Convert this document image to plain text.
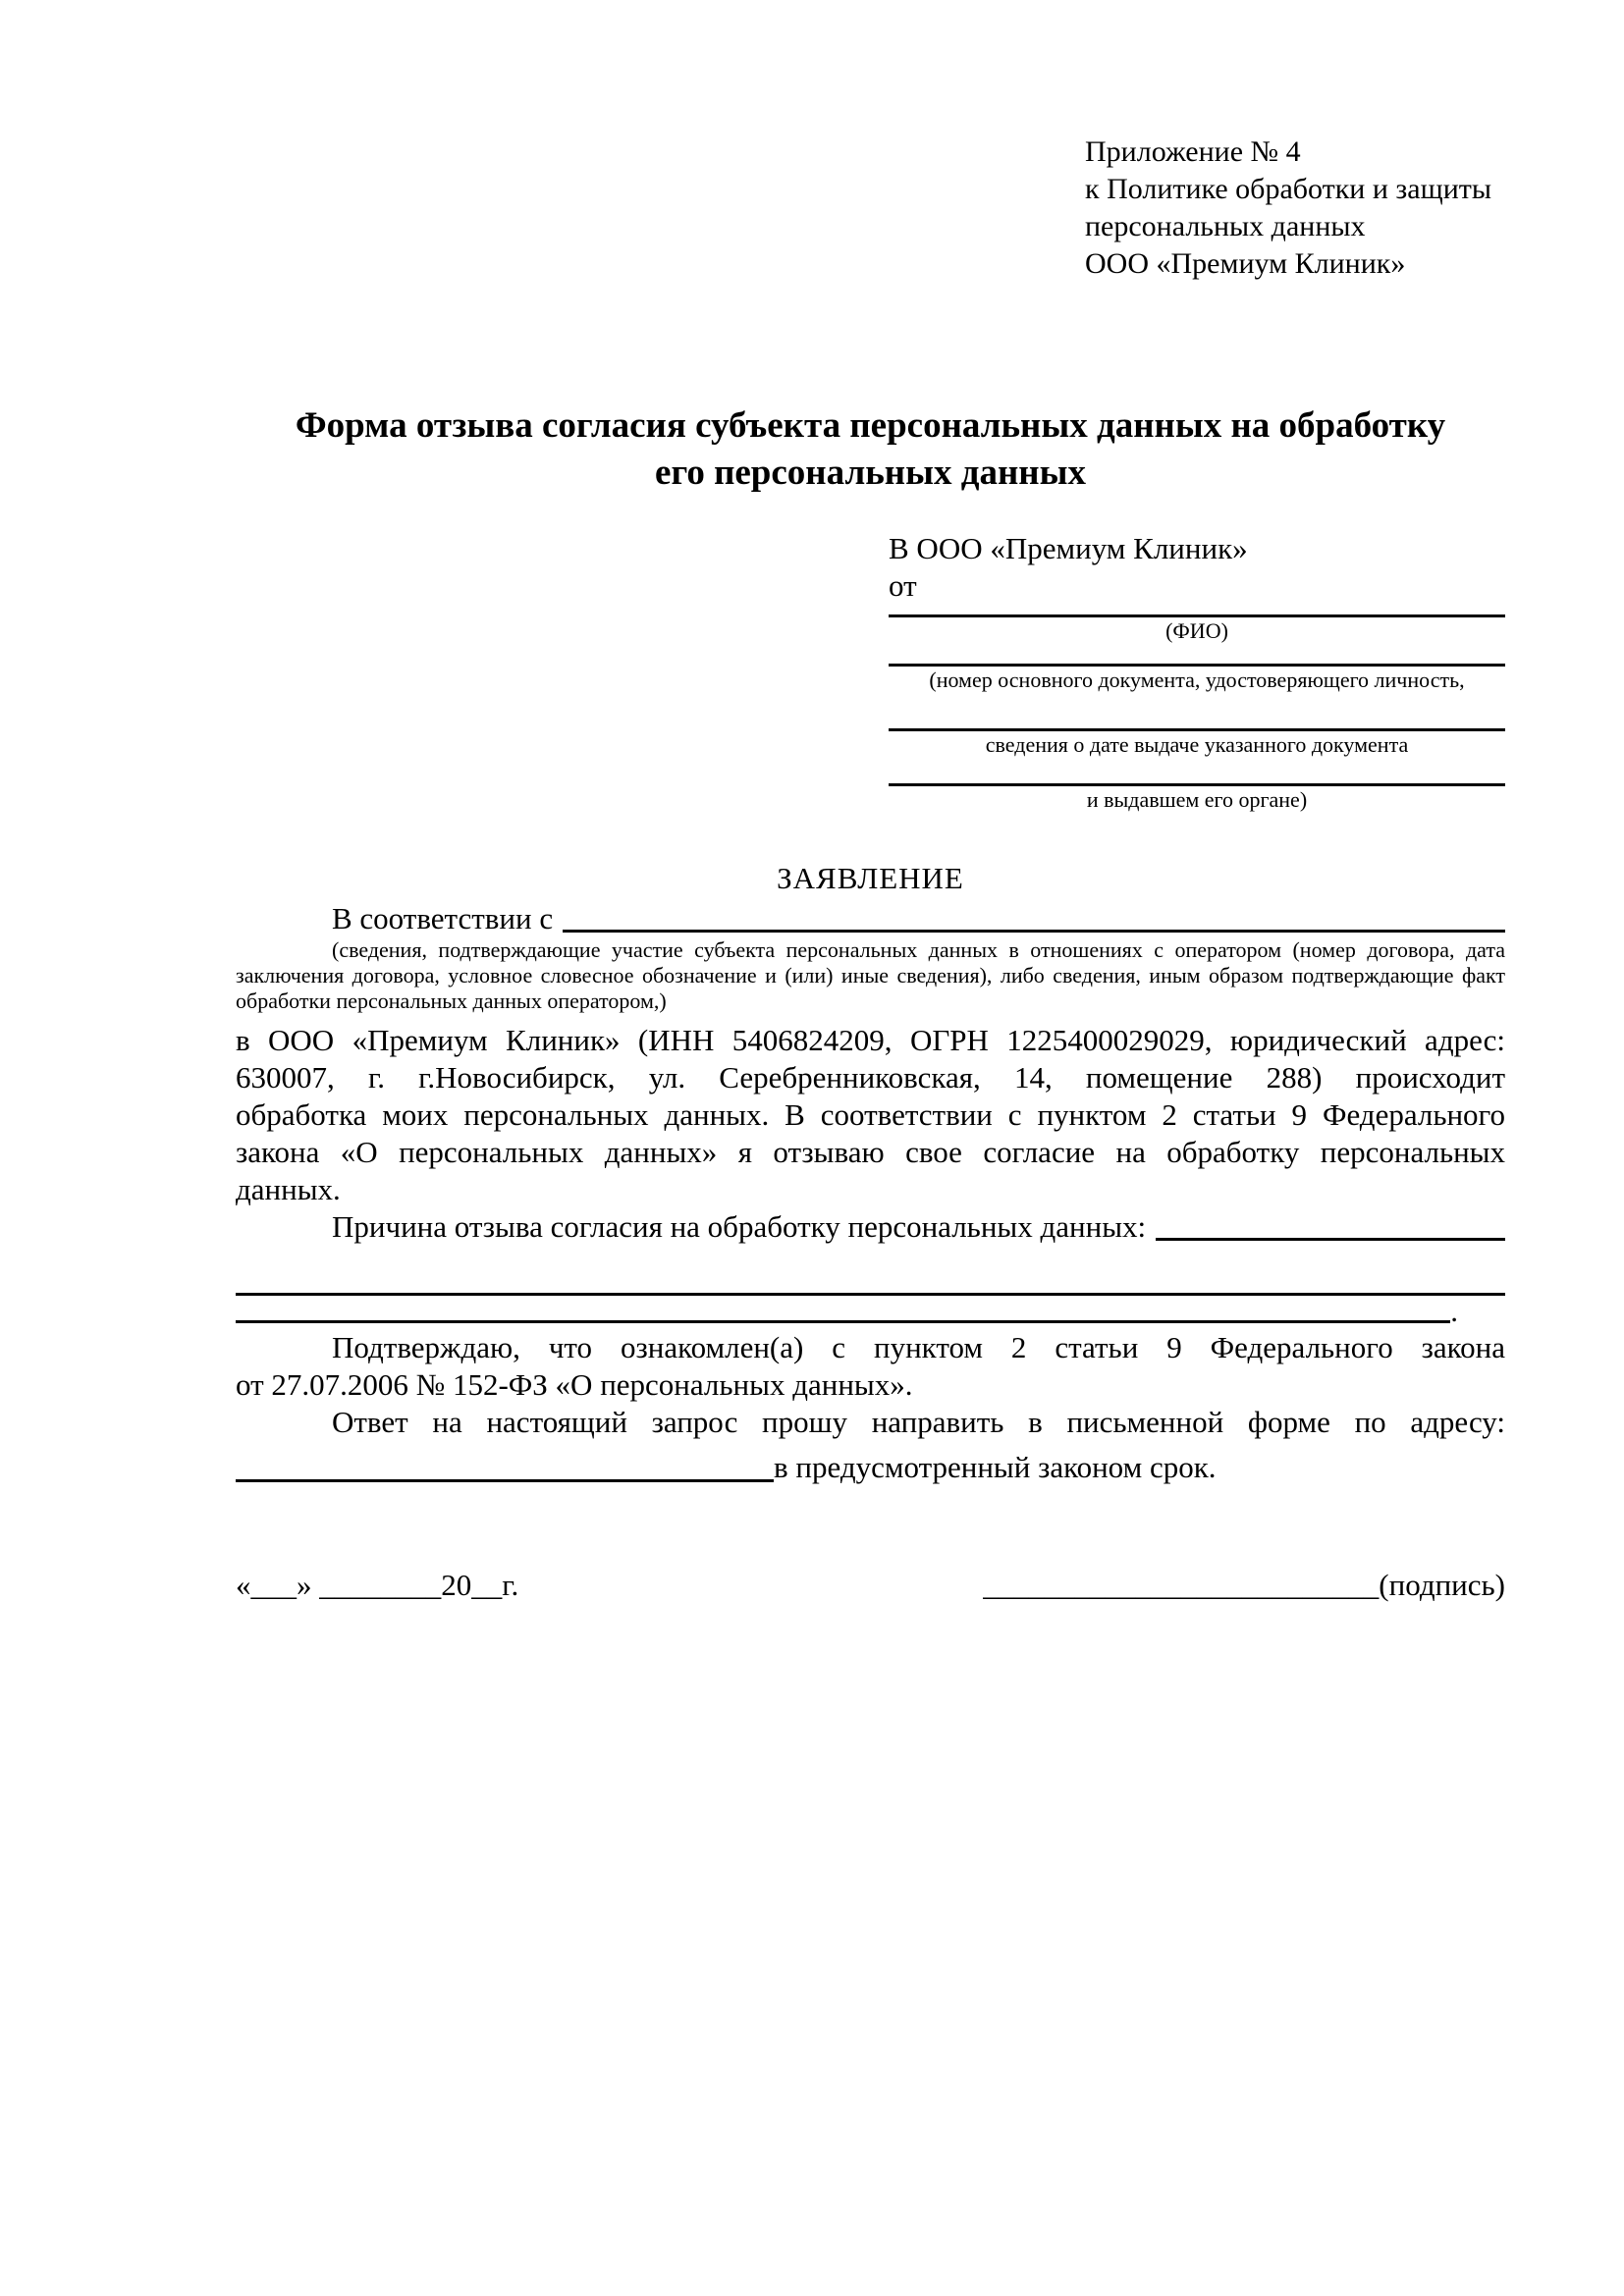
Приложение № 4
к Политике обработки и защиты
персональных данных
ООО «Премиум Клиник»
Форма отзыва согласия субъекта персональных данных на обработку
его персональных данных
В ООО «Премиум Клиник»
от
(ФИО)
(номер основного документа, удостоверяющего личность,
сведения о дате выдаче указанного документа
и выдавшем его органе)
ЗАЯВЛЕНИЕ
В соответствии с
(сведения, подтверждающие участие субъекта персональных данных в отношениях с оператором (номер договора, дата
заключения договора, условное словесное обозначение и (или) иные сведения), либо сведения, иным образом подтверждающие факт
обработки персональных данных оператором,)
в ООО «Премиум Клиник» (ИНН 5406824209, ОГРН 1225400029029, юридический адрес:
630007, г. г.Новосибирск, ул. Серебренниковская, 14, помещение 288) происходит
обработка моих персональных данных. В соответствии с пунктом 2 статьи 9 Федерального
закона «О персональных данных» я отзываю свое согласие на обработку персональных
данных.
Причина отзыва согласия на обработку персональных данных:
.
Подтверждаю, что ознакомлен(а) с пунктом 2 статьи 9 Федерального закона
от 27.07.2006 № 152-ФЗ «О персональных данных».
Ответ на настоящий запрос прошу направить в письменной форме по адресу:
в предусмотренный законом срок.
«___» ________20__г.	__________________________(подпись)
